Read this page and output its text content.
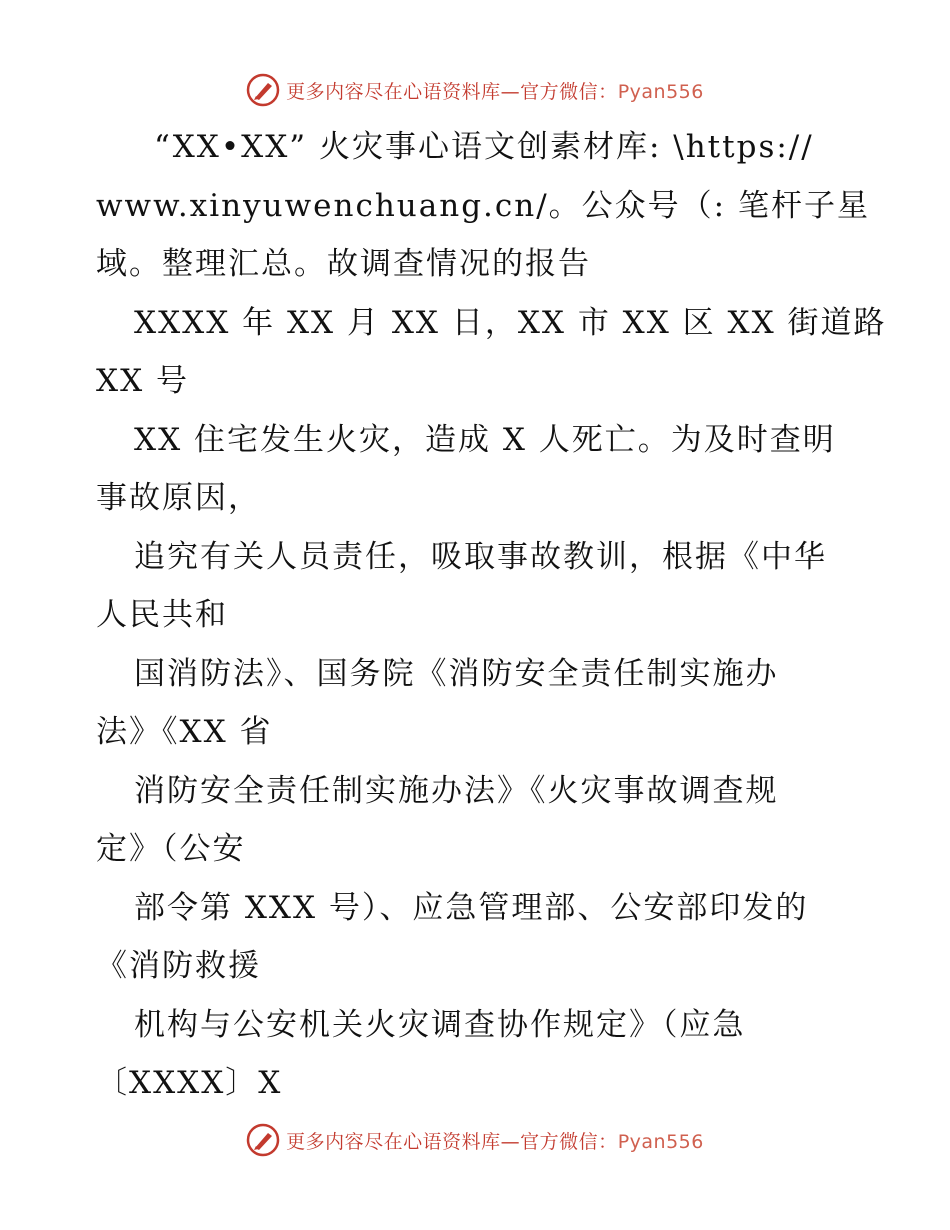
更多内容尽在心语资料库—官方微信：Pyan556
“XX•XX” 火灾事心语文创素材库: \https://
www.xinyuwenchuang.cn/。公众号（: 笔杆子星
域。整理汇总。故调查情况的报告
XXXX 年 XX 月 XX 日，XX 市 XX 区 XX 街道路
XX 号
XX 住宅发生火灾，造成 X 人死亡。为及时查明
事故原因，
追究有关人员责任，吸取事故教训，根据《中华
人民共和
国消防法》、国务院《消防安全责任制实施办
法》《XX 省
消防安全责任制实施办法》《火灾事故调查规
定》（公安
部令第 XXX 号）、应急管理部、公安部印发的
《消防救援
机构与公安机关火灾调查协作规定》（应急
〔XXXX〕X
更多内容尽在心语资料库—官方微信：Pyan556
